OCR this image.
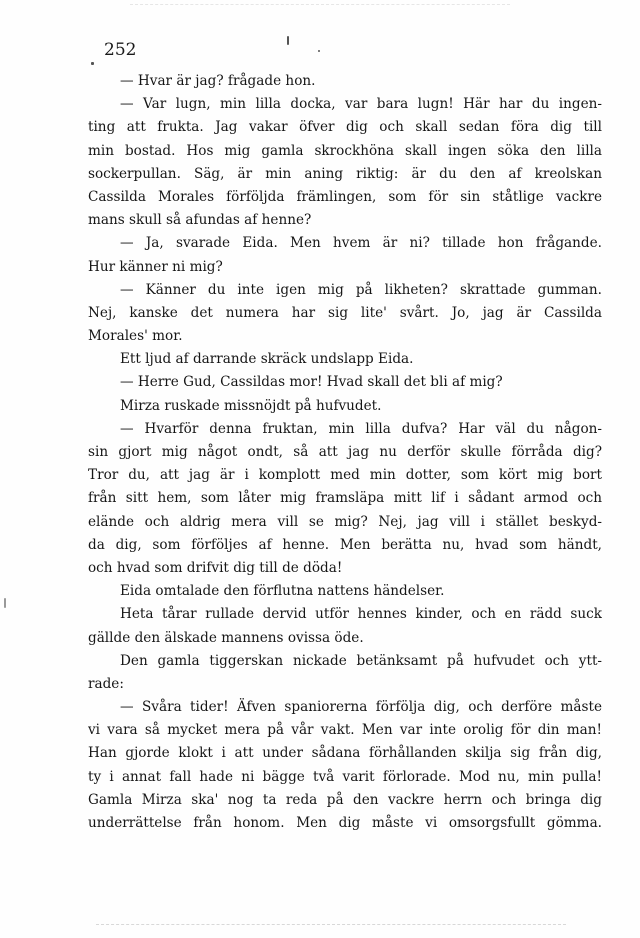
252
— Hvar är jag? frågade hon.
— Var lugn, min lilla docka, var bara lugn! Här har du ingen-
ting att frukta. Jag vakar öfver dig och skall sedan föra dig till
min bostad. Hos mig gamla skrockhöna skall ingen söka den lilla
sockerpullan. Säg, är min aning riktig: är du den af kreolskan
Cassilda Morales förföljda främlingen, som för sin ståtlige vackre
mans skull så afundas af henne?
— Ja, svarade Eida. Men hvem är ni? tillade hon frågande.
Hur känner ni mig?
— Känner du inte igen mig på likheten? skrattade gumman.
Nej, kanske det numera har sig lite' svårt. Jo, jag är Cassilda
Morales' mor.
Ett ljud af darrande skräck undslapp Eida.
— Herre Gud, Cassildas mor! Hvad skall det bli af mig?
Mirza ruskade missnöjdt på hufvudet.
— Hvarför denna fruktan, min lilla dufva? Har väl du någon-
sin gjort mig något ondt, så att jag nu derför skulle förråda dig?
Tror du, att jag är i komplott med min dotter, som kört mig bort
från sitt hem, som låter mig framsläpa mitt lif i sådant armod och
elände och aldrig mera vill se mig? Nej, jag vill i stället beskyd-
da dig, som förföljes af henne. Men berätta nu, hvad som händt,
och hvad som drifvit dig till de döda!
Eida omtalade den förflutna nattens händelser.
Heta tårar rullade dervid utför hennes kinder, och en rädd suck
gällde den älskade mannens ovissa öde.
Den gamla tiggerskan nickade betänksamt på hufvudet och ytt-
rade:
— Svåra tider! Äfven spaniorerna förfölja dig, och derföre måste
vi vara så mycket mera på vår vakt. Men var inte orolig för din man!
Han gjorde klokt i att under sådana förhållanden skilja sig från dig,
ty i annat fall hade ni bägge två varit förlorade. Mod nu, min pulla!
Gamla Mirza ska' nog ta reda på den vackre herrn och bringa dig
underrättelse från honom. Men dig måste vi omsorgsfullt gömma.
